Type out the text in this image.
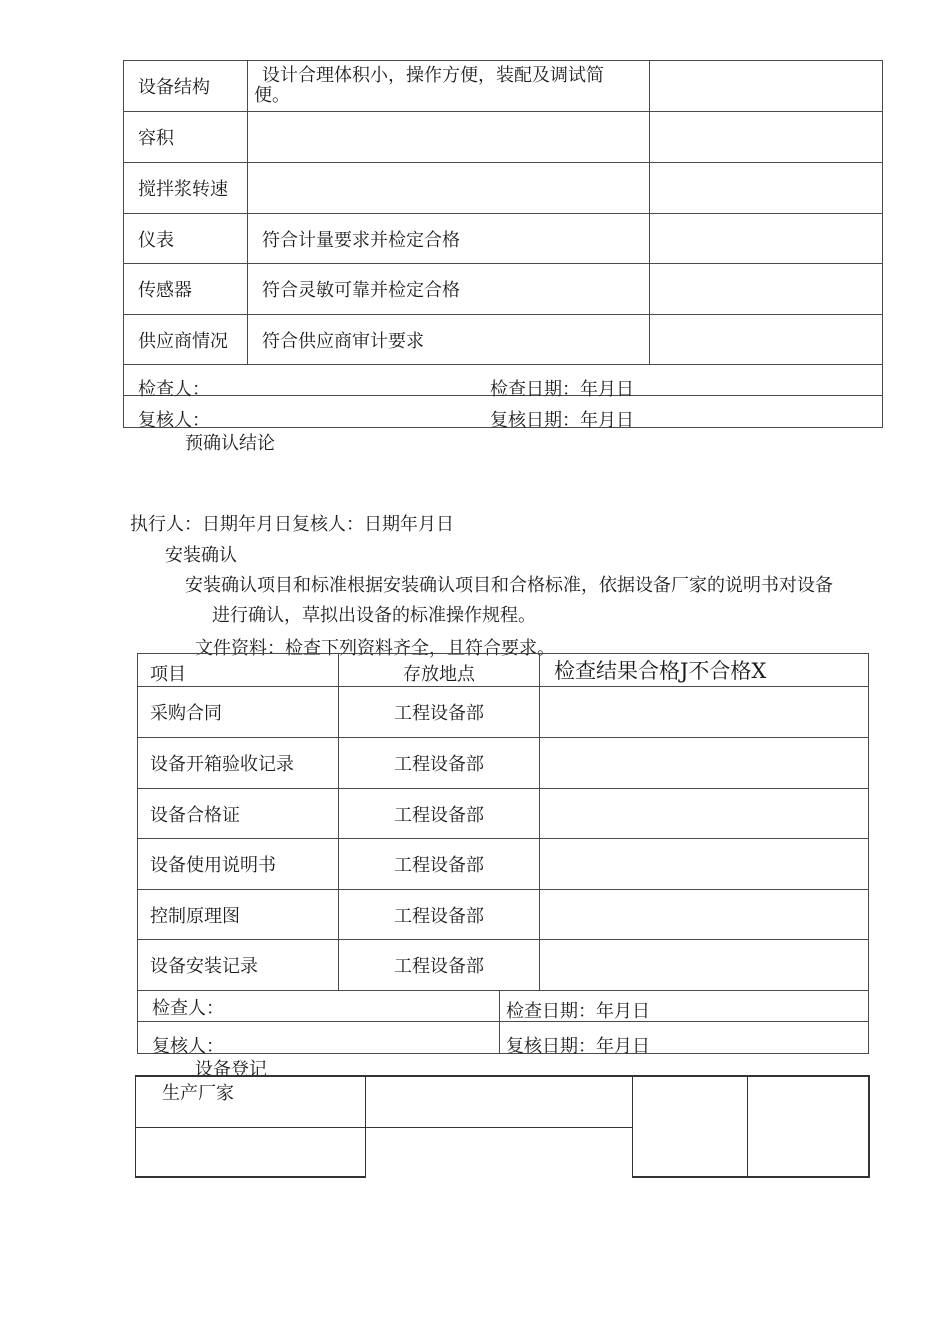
设备结构	设计合理体积小，操作方便，装配及调试简便。	

容积		
搅拌浆转速		
仪表	符合计量要求并检定合格	
传感器	符合灵敏可靠并检定合格	
供应商情况	符合供应商审计要求	
检查人：	检查日期：年月日
复核人：	复核日期：年月日
预确认结论
执行人：日期年月日复核人：日期年月日
安装确认
安装确认项目和标准根据安装确认项目和合格标准，依据设备厂家的说明书对设备
进行确认，草拟出设备的标准操作规程。
文件资料：检查下列资料齐全，且符合要求。
项目	存放地点	检查结果合格J不合格X
采购合同	工程设备部	
设备开箱验收记录	工程设备部	
设备合格证	工程设备部	
设备使用说明书	工程设备部	
控制原理图	工程设备部	
设备安装记录	工程设备部	
检查人：	检查日期：年月日
复核人：	复核日期：年月日
设备登记
生产厂家
